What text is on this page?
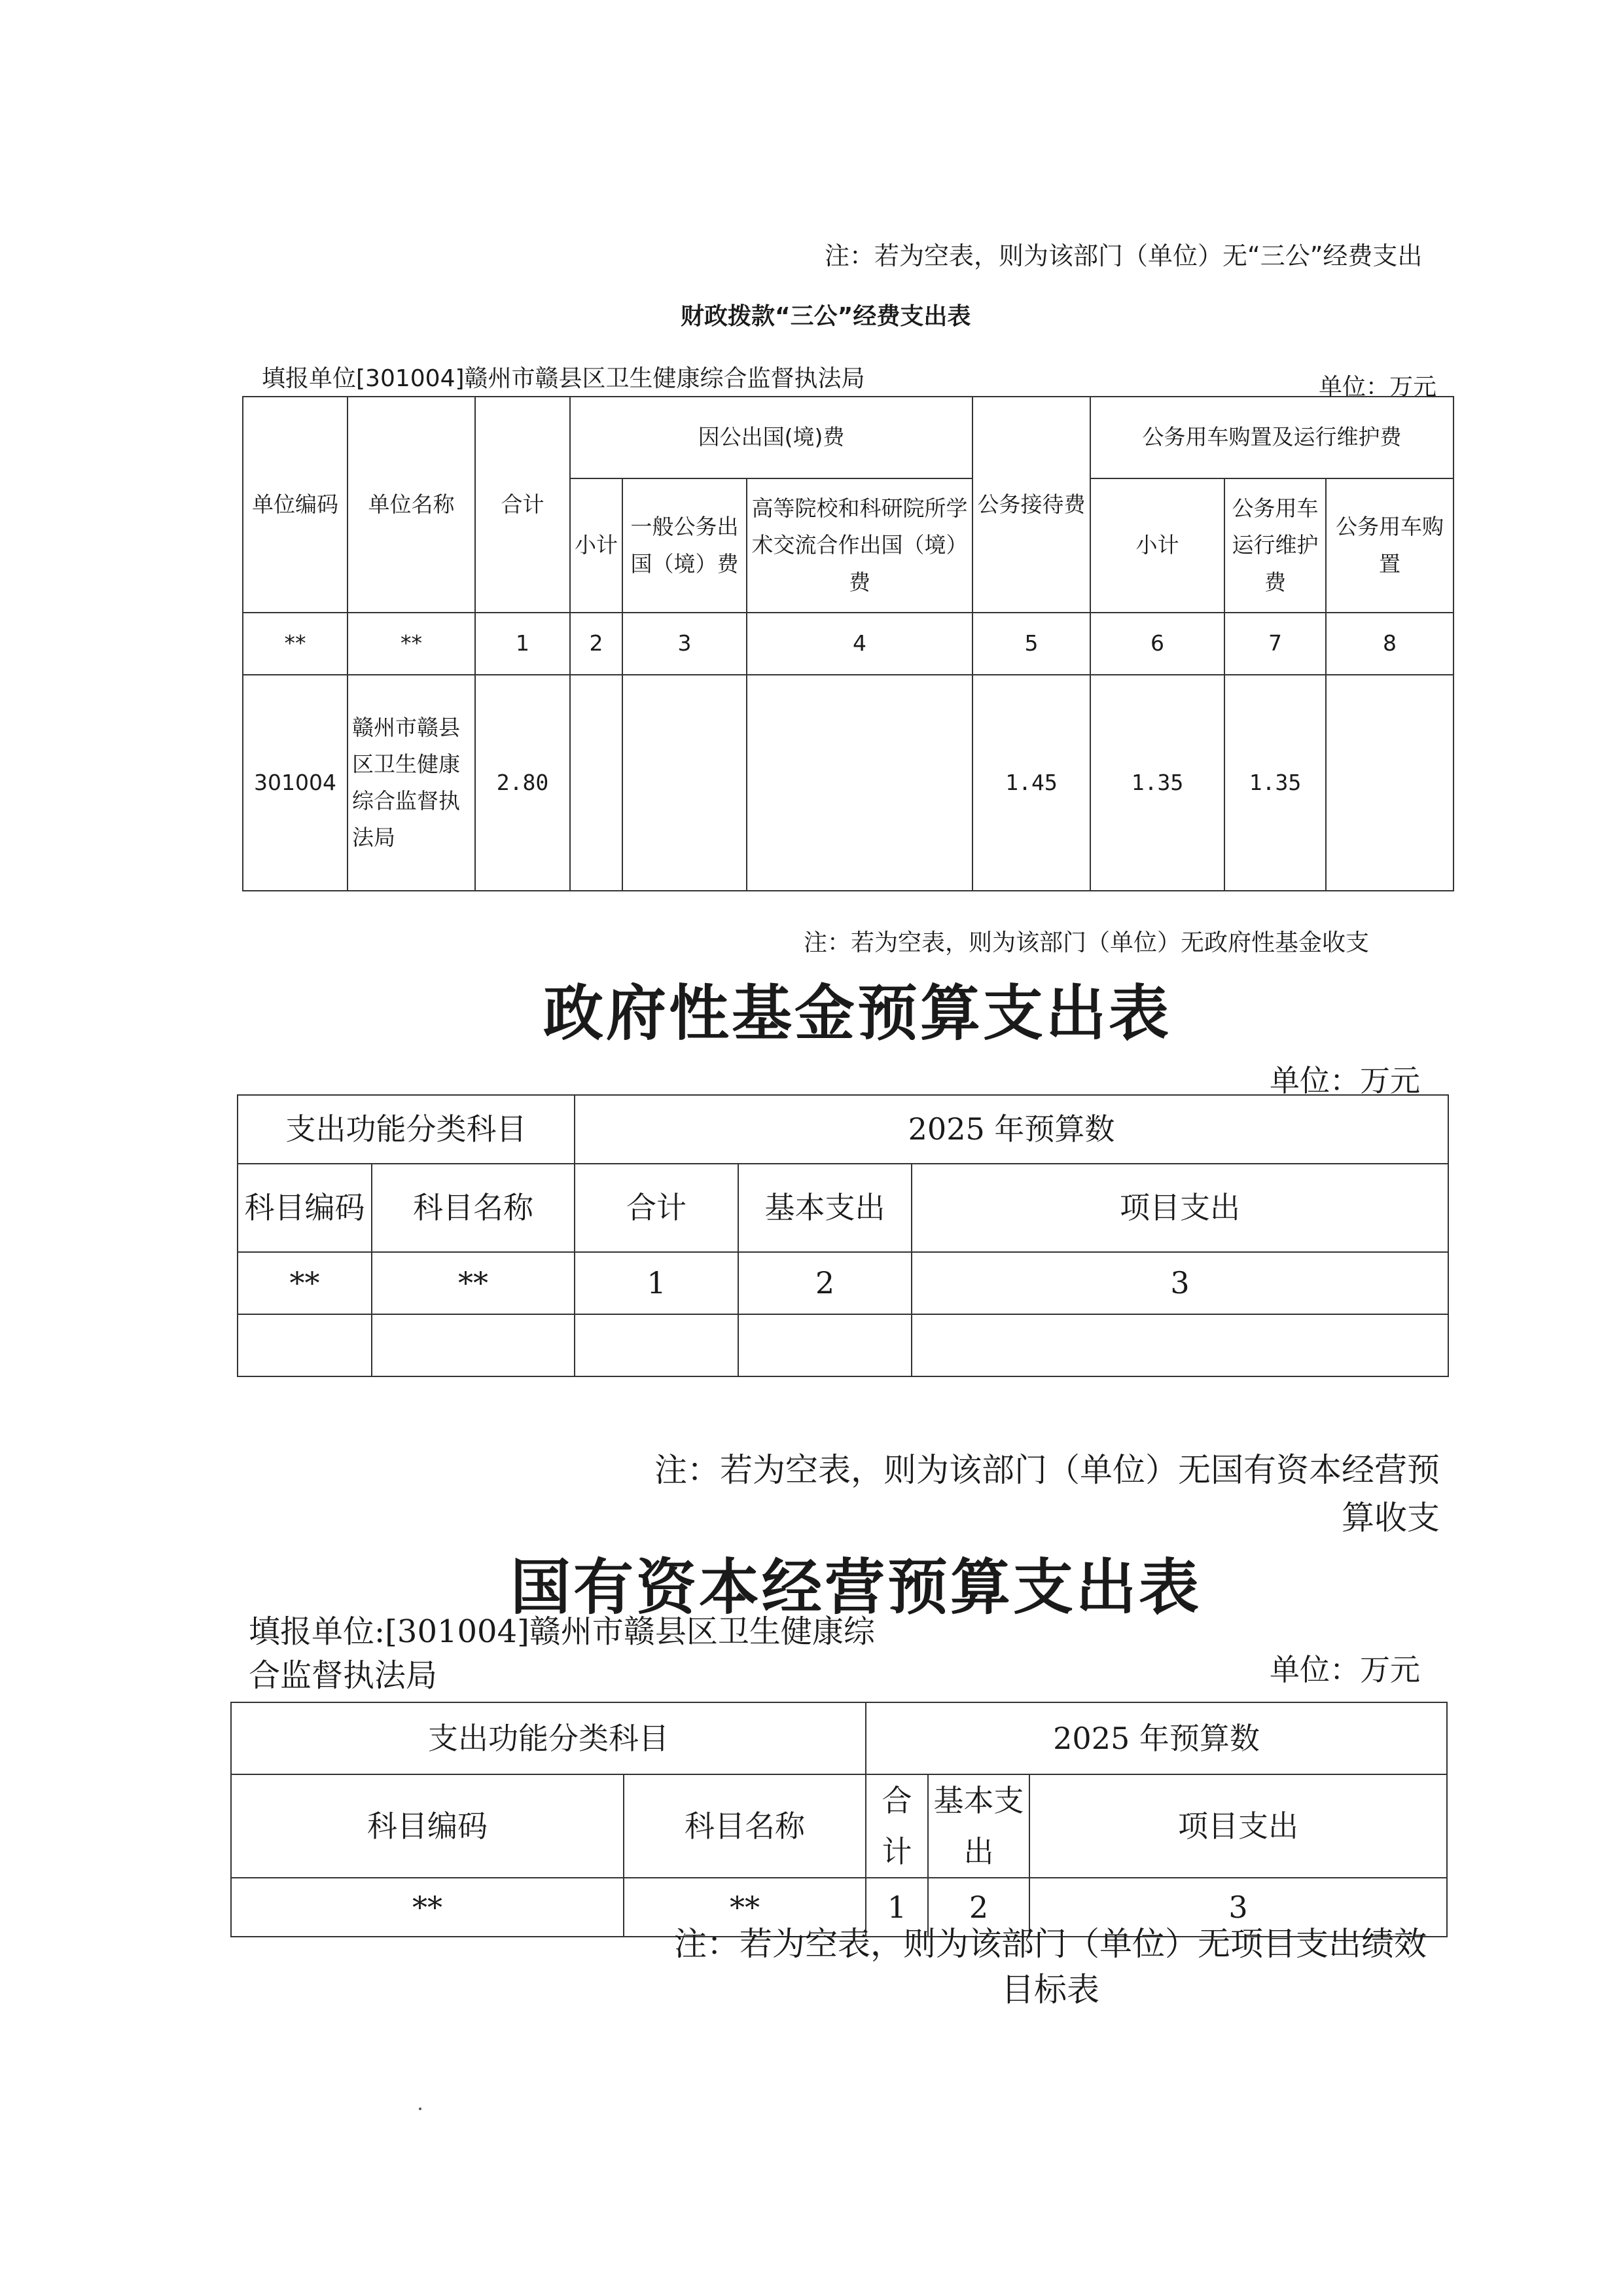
注：若为空表，则为该部门（单位）无“三公”经费支出
财政拨款“三公”经费支出表
填报单位[301004]赣州市赣县区卫生健康综合监督执法局	单位：万元
单位编码	单位名称	合计	因公出国(境)费			公务接待费	公务用车购置及运行维护费		
			小计	一般公务出国（境）费	高等院校和科研院所学术交流合作出国（境）费		小计	公务用车运行维护费	公务用车购置
**	**	1	2	3	4	5	6	7	8
301004	赣州市赣县区卫生健康综合监督执法局	2.80				1.45	1.35	1.35	
注：若为空表，则为该部门（单位）无政府性基金收支
政府性基金预算支出表
单位：万元
支出功能分类科目		2025 年预算数		
科目编码	科目名称	合计	基本支出	项目支出
**	**	1	2	3

注：若为空表，则为该部门（单位）无国有资本经营预算收支
国有资本经营预算支出表
填报单位:[301004]赣州市赣县区卫生健康综合监督执法局	单位：万元
支出功能分类科目		2025 年预算数		
科目编码	科目名称	合计	基本支出	项目支出
**	**	1	2	3
注：若为空表，则为该部门（单位）无项目支出绩效目标表
